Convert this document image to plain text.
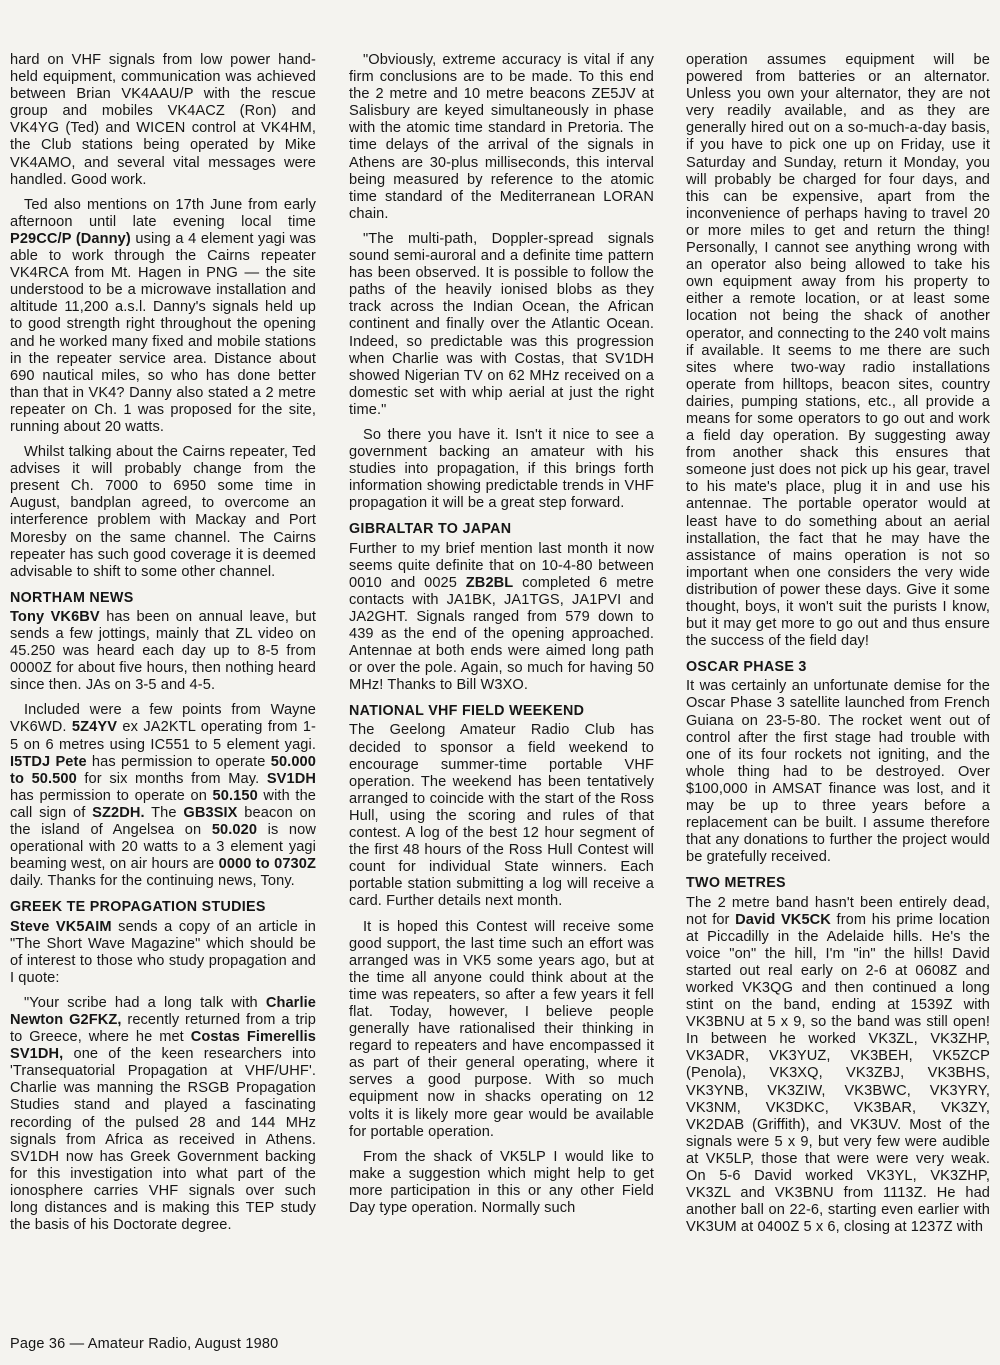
hard on VHF signals from low power hand-held equipment, communication was achieved between Brian VK4AAU/P with the rescue group and mobiles VK4ACZ (Ron) and VK4YG (Ted) and WICEN control at VK4HM, the Club stations being operated by Mike VK4AMO, and several vital messages were handled. Good work.

Ted also mentions on 17th June from early afternoon until late evening local time P29CC/P (Danny) using a 4 element yagi was able to work through the Cairns repeater VK4RCA from Mt. Hagen in PNG — the site understood to be a microwave installation and altitude 11,200 a.s.l. Danny's signals held up to good strength right throughout the opening and he worked many fixed and mobile stations in the repeater service area. Distance about 690 nautical miles, so who has done better than that in VK4? Danny also stated a 2 metre repeater on Ch. 1 was proposed for the site, running about 20 watts.

Whilst talking about the Cairns repeater, Ted advises it will probably change from the present Ch. 7000 to 6950 some time in August, bandplan agreed, to overcome an interference problem with Mackay and Port Moresby on the same channel. The Cairns repeater has such good coverage it is deemed advisable to shift to some other channel.

NORTHAM NEWS

Tony VK6BV has been on annual leave, but sends a few jottings, mainly that ZL video on 45.250 was heard each day up to 8-5 from 0000Z for about five hours, then nothing heard since then. JAs on 3-5 and 4-5.

Included were a few points from Wayne VK6WD. 5Z4YV ex JA2KTL operating from 1-5 on 6 metres using IC551 to 5 element yagi. I5TDJ Pete has permission to operate 50.000 to 50.500 for six months from May. SV1DH has permission to operate on 50.150 with the call sign of SZ2DH. The GB3SIX beacon on the island of Angelsea on 50.020 is now operational with 20 watts to a 3 element yagi beaming west, on air hours are 0000 to 0730Z daily. Thanks for the continuing news, Tony.

GREEK TE PROPAGATION STUDIES

Steve VK5AIM sends a copy of an article in "The Short Wave Magazine" which should be of interest to those who study propagation and I quote:

"Your scribe had a long talk with Charlie Newton G2FKZ, recently returned from a trip to Greece, where he met Costas Fimerellis SV1DH, one of the keen researchers into 'Transequatorial Propagation at VHF/UHF'. Charlie was manning the RSGB Propagation Studies stand and played a fascinating recording of the pulsed 28 and 144 MHz signals from Africa as received in Athens. SV1DH now has Greek Government backing for this investigation into what part of the ionosphere carries VHF signals over such long distances and is making this TEP study the basis of his Doctorate degree.

"Obviously, extreme accuracy is vital if any firm conclusions are to be made. To this end the 2 metre and 10 metre beacons ZE5JV at Salisbury are keyed simultaneously in phase with the atomic time standard in Pretoria. The time delays of the arrival of the signals in Athens are 30-plus milliseconds, this interval being measured by reference to the atomic time standard of the Mediterranean LORAN chain.

"The multi-path, Doppler-spread signals sound semi-auroral and a definite time pattern has been observed. It is possible to follow the paths of the heavily ionised blobs as they track across the Indian Ocean, the African continent and finally over the Atlantic Ocean. Indeed, so predictable was this progression when Charlie was with Costas, that SV1DH showed Nigerian TV on 62 MHz received on a domestic set with whip aerial at just the right time."

So there you have it. Isn't it nice to see a government backing an amateur with his studies into propagation, if this brings forth information showing predictable trends in VHF propagation it will be a great step forward.

GIBRALTAR TO JAPAN

Further to my brief mention last month it now seems quite definite that on 10-4-80 between 0010 and 0025 ZB2BL completed 6 metre contacts with JA1BK, JA1TGS, JA1PVI and JA2GHT. Signals ranged from 579 down to 439 as the end of the opening approached. Antennae at both ends were aimed long path or over the pole. Again, so much for having 50 MHz! Thanks to Bill W3XO.

NATIONAL VHF FIELD WEEKEND

The Geelong Amateur Radio Club has decided to sponsor a field weekend to encourage summer-time portable VHF operation. The weekend has been tentatively arranged to coincide with the start of the Ross Hull, using the scoring and rules of that contest. A log of the best 12 hour segment of the first 48 hours of the Ross Hull Contest will count for individual State winners. Each portable station submitting a log will receive a card. Further details next month.

It is hoped this Contest will receive some good support, the last time such an effort was arranged was in VK5 some years ago, but at the time all anyone could think about at the time was repeaters, so after a few years it fell flat. Today, however, I believe people generally have rationalised their thinking in regard to repeaters and have encompassed it as part of their general operating, where it serves a good purpose. With so much equipment now in shacks operating on 12 volts it is likely more gear would be available for portable operation.

From the shack of VK5LP I would like to make a suggestion which might help to get more participation in this or any other Field Day type operation. Normally such

operation assumes equipment will be powered from batteries or an alternator. Unless you own your alternator, they are not very readily available, and as they are generally hired out on a so-much-a-day basis, if you have to pick one up on Friday, use it Saturday and Sunday, return it Monday, you will probably be charged for four days, and this can be expensive, apart from the inconvenience of perhaps having to travel 20 or more miles to get and return the thing! Personally, I cannot see anything wrong with an operator also being allowed to take his own equipment away from his property to either a remote location, or at least some location not being the shack of another operator, and connecting to the 240 volt mains if available. It seems to me there are such sites where two-way radio installations operate from hilltops, beacon sites, country dairies, pumping stations, etc., all provide a means for some operators to go out and work a field day operation. By suggesting away from another shack this ensures that someone just does not pick up his gear, travel to his mate's place, plug it in and use his antennae. The portable operator would at least have to do something about an aerial installation, the fact that he may have the assistance of mains operation is not so important when one considers the very wide distribution of power these days. Give it some thought, boys, it won't suit the purists I know, but it may get more to go out and thus ensure the success of the field day!

OSCAR PHASE 3

It was certainly an unfortunate demise for the Oscar Phase 3 satellite launched from French Guiana on 23-5-80. The rocket went out of control after the first stage had trouble with one of its four rockets not igniting, and the whole thing had to be destroyed. Over $100,000 in AMSAT finance was lost, and it may be up to three years before a replacement can be built. I assume therefore that any donations to further the project would be gratefully received.

TWO METRES

The 2 metre band hasn't been entirely dead, not for David VK5CK from his prime location at Piccadilly in the Adelaide hills. He's the voice "on" the hill, I'm "in" the hills! David started out real early on 2-6 at 0608Z and worked VK3QG and then continued a long stint on the band, ending at 1539Z with VK3BNU at 5 x 9, so the band was still open! In between he worked VK3ZL, VK3ZHP, VK3ADR, VK3YUZ, VK3BEH, VK5ZCP (Penola), VK3XQ, VK3ZBJ, VK3BHS, VK3YNB, VK3ZIW, VK3BWC, VK3YRY, VK3NM, VK3DKC, VK3BAR, VK3ZY, VK2DAB (Griffith), and VK3UV. Most of the signals were 5 x 9, but very few were audible at VK5LP, those that were were very weak. On 5-6 David worked VK3YL, VK3ZHP, VK3ZL and VK3BNU from 1113Z. He had another ball on 22-6, starting even earlier with VK3UM at 0400Z 5 x 6, closing at 1237Z with

Page 36 — Amateur Radio, August 1980
